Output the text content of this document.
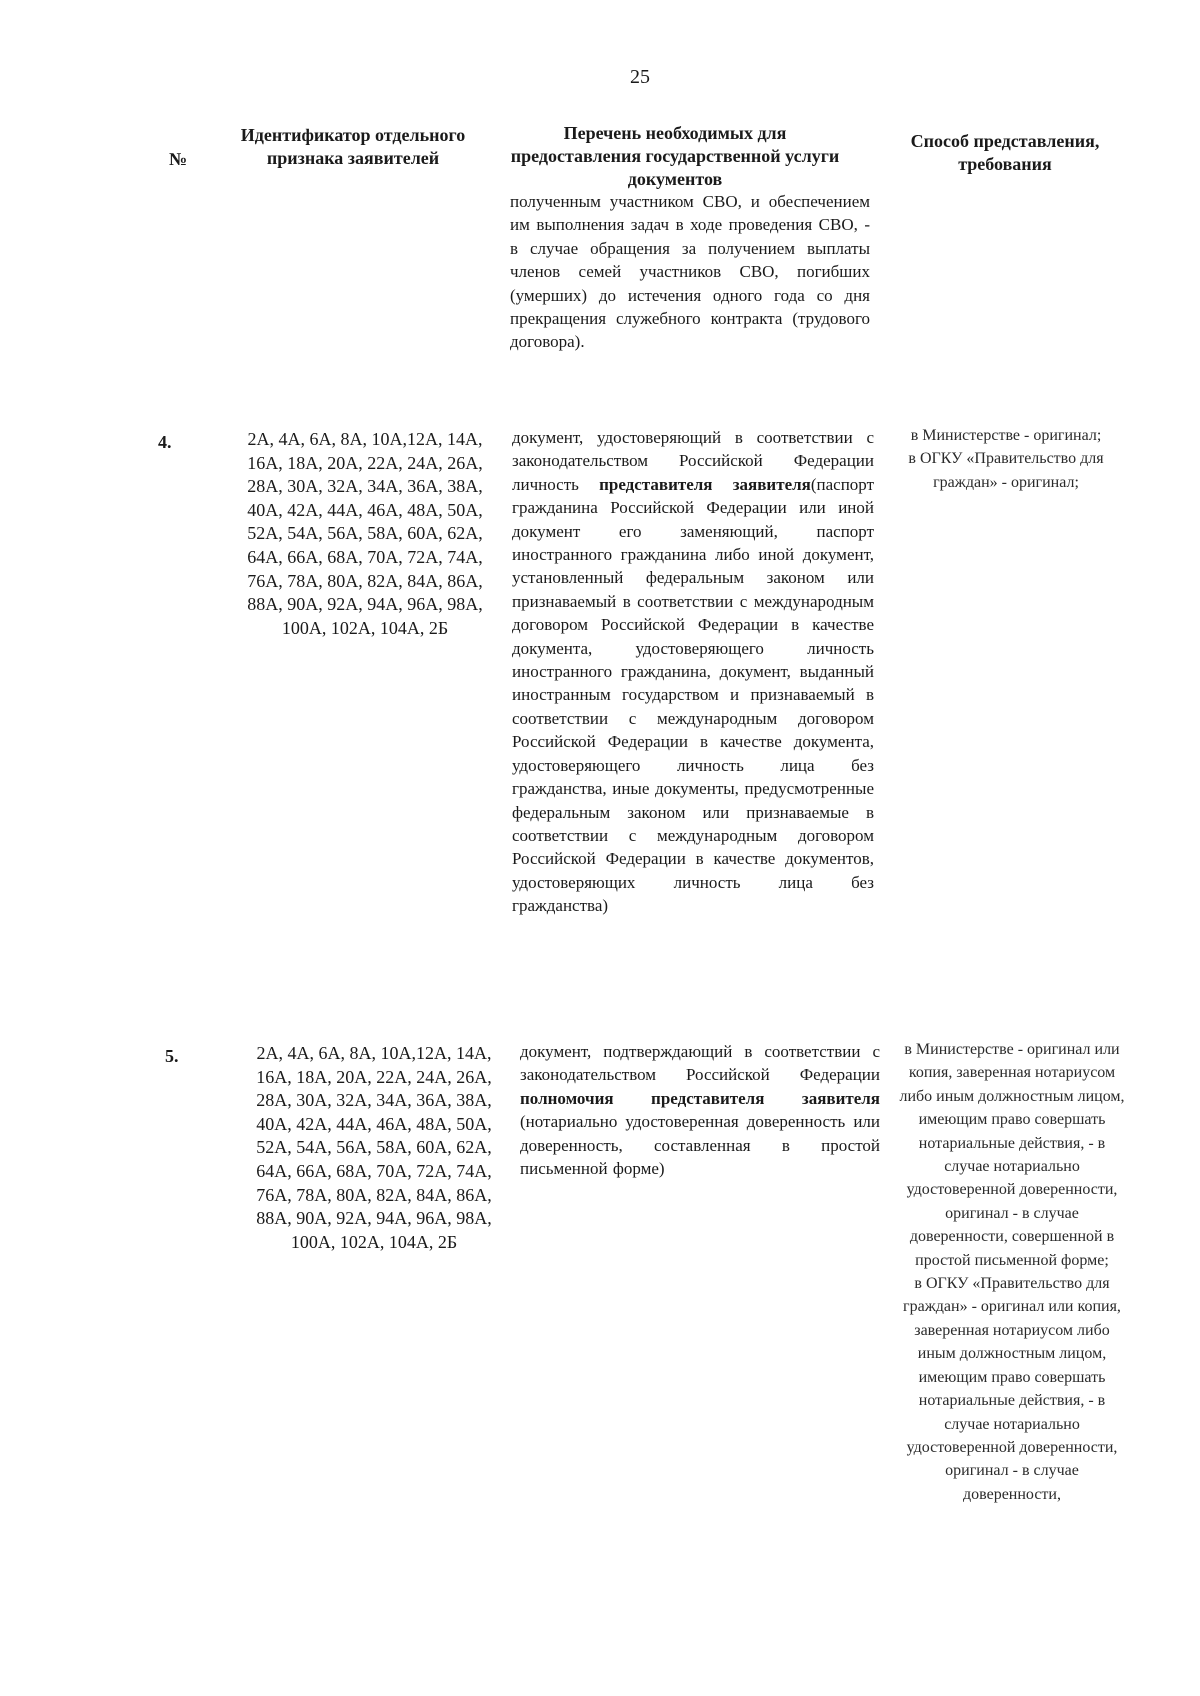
25
№
Идентификатор отдельного признака заявителей
Перечень необходимых для предоставления государственной услуги документов
Способ представления, требования
полученным участником СВО, и обеспечением им выполнения задач в ходе проведения СВО, - в случае обращения за получением выплаты членов семей участников СВО, погибших (умерших) до истечения одного года со дня прекращения служебного контракта (трудового договора).
4.	2А, 4А, 6А, 8А, 10А,12А, 14А, 16А, 18А, 20А, 22А, 24А, 26А, 28А, 30А, 32А, 34А, 36А, 38А, 40А, 42А, 44А, 46А, 48А, 50А, 52А, 54А, 56А, 58А, 60А, 62А, 64А, 66А, 68А, 70А, 72А, 74А, 76А, 78А, 80А, 82А, 84А, 86А, 88А, 90А, 92А, 94А, 96А, 98А, 100А, 102А, 104А, 2Б
документ, удостоверяющий в соответствии с законодательством Российской Федерации личность представителя заявителя(паспорт гражданина Российской Федерации или иной документ его заменяющий, паспорт иностранного гражданина либо иной документ, установленный федеральным законом или признаваемый в соответствии с международным договором Российской Федерации в качестве документа, удостоверяющего личность иностранного гражданина, документ, выданный иностранным государством и признаваемый в соответствии с международным договором Российской Федерации в качестве документа, удостоверяющего личность лица без гражданства, иные документы, предусмотренные федеральным законом или признаваемые в соответствии с международным договором Российской Федерации в качестве документов, удостоверяющих личность лица без гражданства)

в Министерстве - оригинал;

в ОГКУ «Правительство для граждан» - оригинал;

5.	2А, 4А, 6А, 8А, 10А,12А, 14А, 16А, 18А, 20А, 22А, 24А, 26А, 28А, 30А, 32А, 34А, 36А, 38А, 40А, 42А, 44А, 46А, 48А, 50А, 52А, 54А, 56А, 58А, 60А, 62А, 64А, 66А, 68А, 70А, 72А, 74А, 76А, 78А, 80А, 82А, 84А, 86А, 88А, 90А, 92А, 94А, 96А, 98А, 100А, 102А, 104А, 2Б
документ, подтверждающий в соответствии с законодательством Российской Федерации полномочия представителя заявителя (нотариально удостоверенная доверенность или доверенность, составленная в простой письменной форме)

в Министерстве - оригинал или копия, заверенная нотариусом либо иным должностным лицом, имеющим право совершать нотариальные действия, - в случае нотариально удостоверенной доверенности, оригинал - в случае доверенности, совершенной в простой письменной форме;

в ОГКУ «Правительство для граждан» - оригинал или копия, заверенная нотариусом либо иным должностным лицом, имеющим право совершать нотариальные действия, - в случае нотариально удостоверенной доверенности, оригинал - в случае доверенности,
